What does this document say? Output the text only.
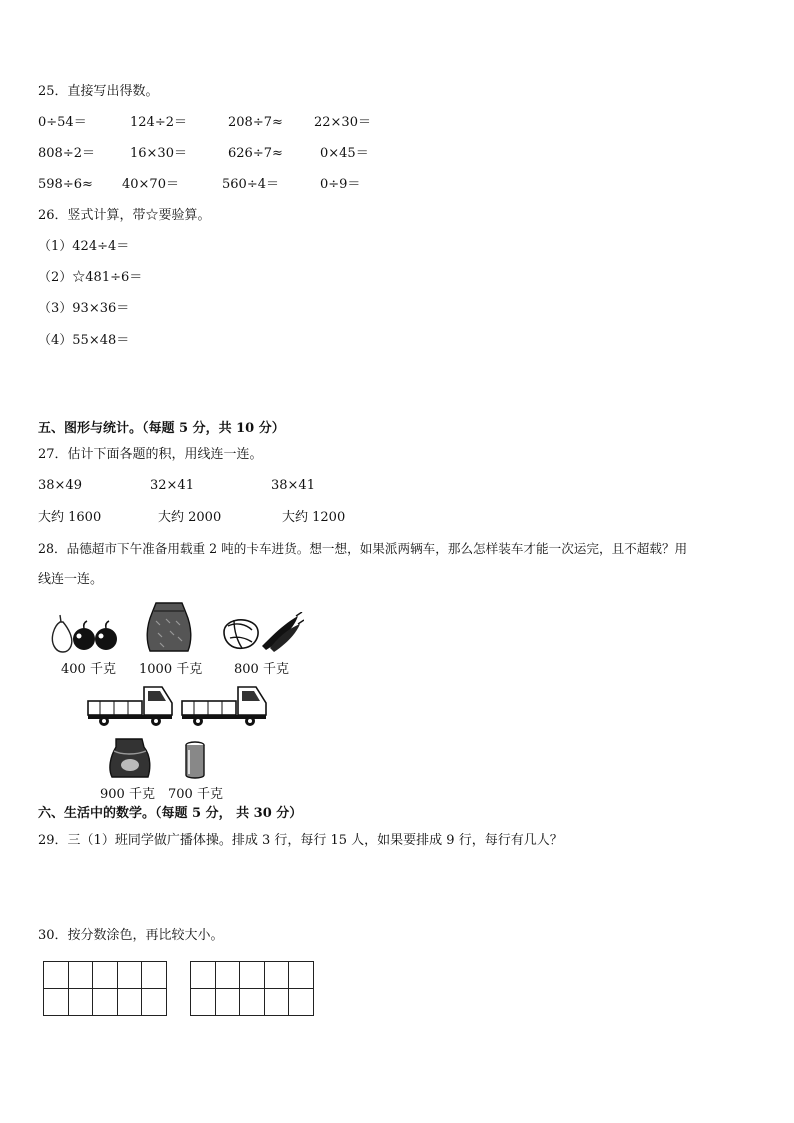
25．直接写出得数。
0÷54＝	124÷2＝	208÷7≈ 22×30＝
808÷2＝	16×30＝	626÷7≈	0×45＝
598÷6≈ 40×70＝	560÷4＝	0÷9＝
26．竖式计算，带☆要验算。
（1）424÷4＝
（2）☆481÷6＝
（3）93×36＝
（4）55×48＝
五、图形与统计。（每题 5 分，共 10 分）
27．估计下面各题的积，用线连一连。
38×49	32×41	38×41
大约 1600	大约 2000	大约 1200
28．品德超市下午准备用载重 2 吨的卡车进货。想一想，如果派两辆车，那么怎样装车才能一次运完，且不超载？用
线连一连。
400 千克 1000 千克 800 千克
900 千克 700 千克
六、生活中的数学。（每题 5 分， 共 30 分）
29．三（1）班同学做广播体操。排成 3 行，每行 15 人，如果要排成 9 行，每行有几人？
30．按分数涂色，再比较大小。
